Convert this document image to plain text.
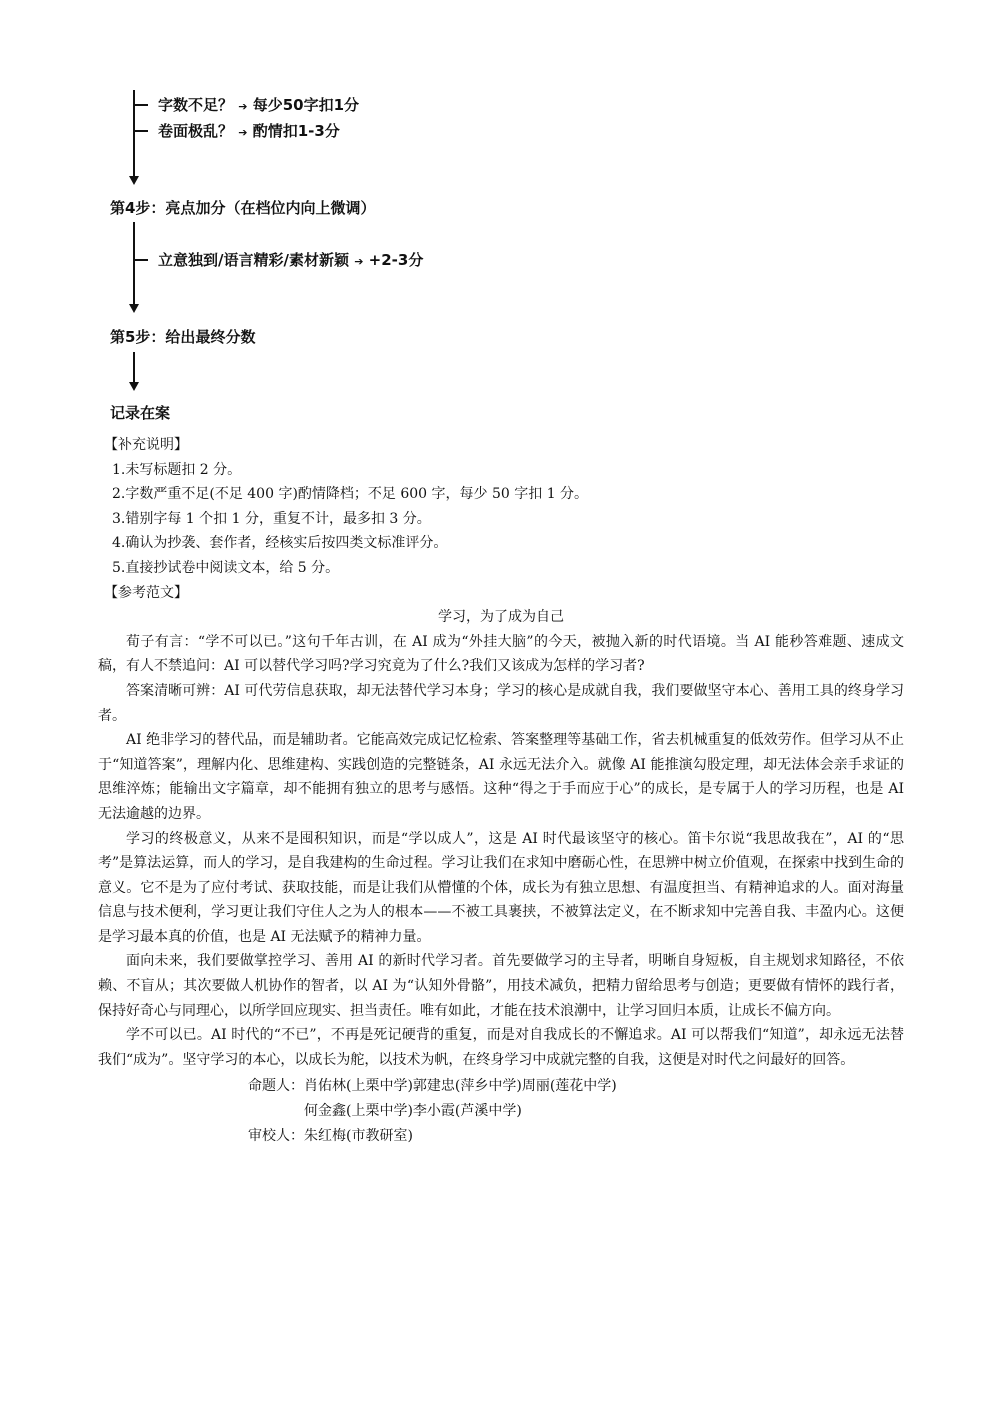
字数不足？ ➔ 每少50字扣1分
卷面极乱？ ➔ 酌情扣1-3分
第4步：亮点加分（在档位内向上微调）
立意独到/语言精彩/素材新颖 ➔ +2-3分
第5步：给出最终分数
记录在案

【补充说明】

1.未写标题扣 2 分。

2.字数严重不足(不足 400 字)酌情降档；不足 600 字，每少 50 字扣 1 分。

3.错别字每 1 个扣 1 分，重复不计，最多扣 3 分。

4.确认为抄袭、套作者，经核实后按四类文标准评分。

5.直接抄试卷中阅读文本，给 5 分。

【参考范文】

学习，为了成为自己

荀子有言：“学不可以已。”这句千年古训，在 AI 成为“外挂大脑”的今天，被抛入新的时代语境。当 AI 能秒答难题、速成文稿，有人不禁追问：AI 可以替代学习吗?学习究竟为了什么?我们又该成为怎样的学习者?

答案清晰可辨：AI 可代劳信息获取，却无法替代学习本身；学习的核心是成就自我，我们要做坚守本心、善用工具的终身学习者。

AI 绝非学习的替代品，而是辅助者。它能高效完成记忆检索、答案整理等基础工作，省去机械重复的低效劳作。但学习从不止于“知道答案”，理解内化、思维建构、实践创造的完整链条，AI 永远无法介入。就像 AI 能推演勾股定理，却无法体会亲手求证的思维淬炼；能输出文字篇章，却不能拥有独立的思考与感悟。这种“得之于手而应于心”的成长，是专属于人的学习历程，也是 AI 无法逾越的边界。

学习的终极意义，从来不是囤积知识，而是“学以成人”，这是 AI 时代最该坚守的核心。笛卡尔说“我思故我在”，AI 的“思考”是算法运算，而人的学习，是自我建构的生命过程。学习让我们在求知中磨砺心性，在思辨中树立价值观，在探索中找到生命的意义。它不是为了应付考试、获取技能，而是让我们从懵懂的个体，成长为有独立思想、有温度担当、有精神追求的人。面对海量信息与技术便利，学习更让我们守住人之为人的根本——不被工具裹挟，不被算法定义，在不断求知中完善自我、丰盈内心。这便是学习最本真的价值，也是 AI 无法赋予的精神力量。

面向未来，我们要做掌控学习、善用 AI 的新时代学习者。首先要做学习的主导者，明晰自身短板，自主规划求知路径，不依赖、不盲从；其次要做人机协作的智者，以 AI 为“认知外骨骼”，用技术减负，把精力留给思考与创造；更要做有情怀的践行者，保持好奇心与同理心，以所学回应现实、担当责任。唯有如此，才能在技术浪潮中，让学习回归本质，让成长不偏方向。

学不可以已。AI 时代的“不已”，不再是死记硬背的重复，而是对自我成长的不懈追求。AI 可以帮我们“知道”，却永远无法替我们“成为”。坚守学习的本心，以成长为舵，以技术为帆，在终身学习中成就完整的自我，这便是对时代之问最好的回答。

命题人：肖佑林(上栗中学)郭建忠(萍乡中学)周丽(莲花中学)

何金鑫(上栗中学)李小霞(芦溪中学)

审校人：朱红梅(市教研室)
